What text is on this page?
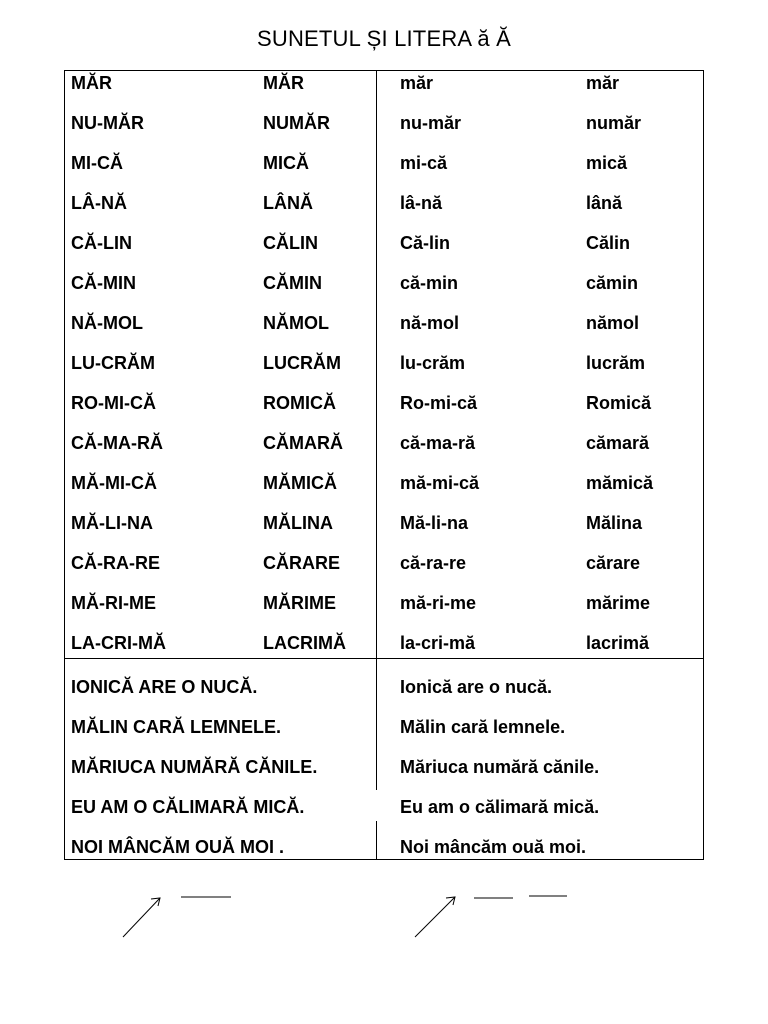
SUNETUL ȘI LITERA ă Ă
MĂR	MĂR	măr	măr
NU-MĂR	NUMĂR	nu-măr	număr
MI-CĂ	MICĂ	mi-că	mică
LÂ-NĂ	LÂNĂ	lâ-nă	lână
CĂ-LIN	CĂLIN	Că-lin	Călin
CĂ-MIN	CĂMIN	că-min	cămin
NĂ-MOL	NĂMOL	nă-mol	nămol
LU-CRĂM	LUCRĂM	lu-crăm	lucrăm
RO-MI-CĂ	ROMICĂ	Ro-mi-că	Romică
CĂ-MA-RĂ	CĂMARĂ	că-ma-ră	cămară
MĂ-MI-CĂ	MĂMICĂ	mă-mi-că	mămică
MĂ-LI-NA	MĂLINA	Mă-li-na	Mălina
CĂ-RA-RE	CĂRARE	că-ra-re	cărare
MĂ-RI-ME	MĂRIME	mă-ri-me	mărime
LA-CRI-MĂ	LACRIMĂ	la-cri-mă	lacrimă
IONICĂ ARE O NUCĂ.	Ionică are o nucă.
MĂLIN CARĂ LEMNELE.	Mălin cară lemnele.
MĂRIUCA NUMĂRĂ CĂNILE.	Măriuca numără cănile.
EU AM O CĂLIMARĂ MICĂ.	Eu am o călimară mică.
NOI MÂNCĂM OUĂ MOI .	Noi mâncăm ouă moi.
